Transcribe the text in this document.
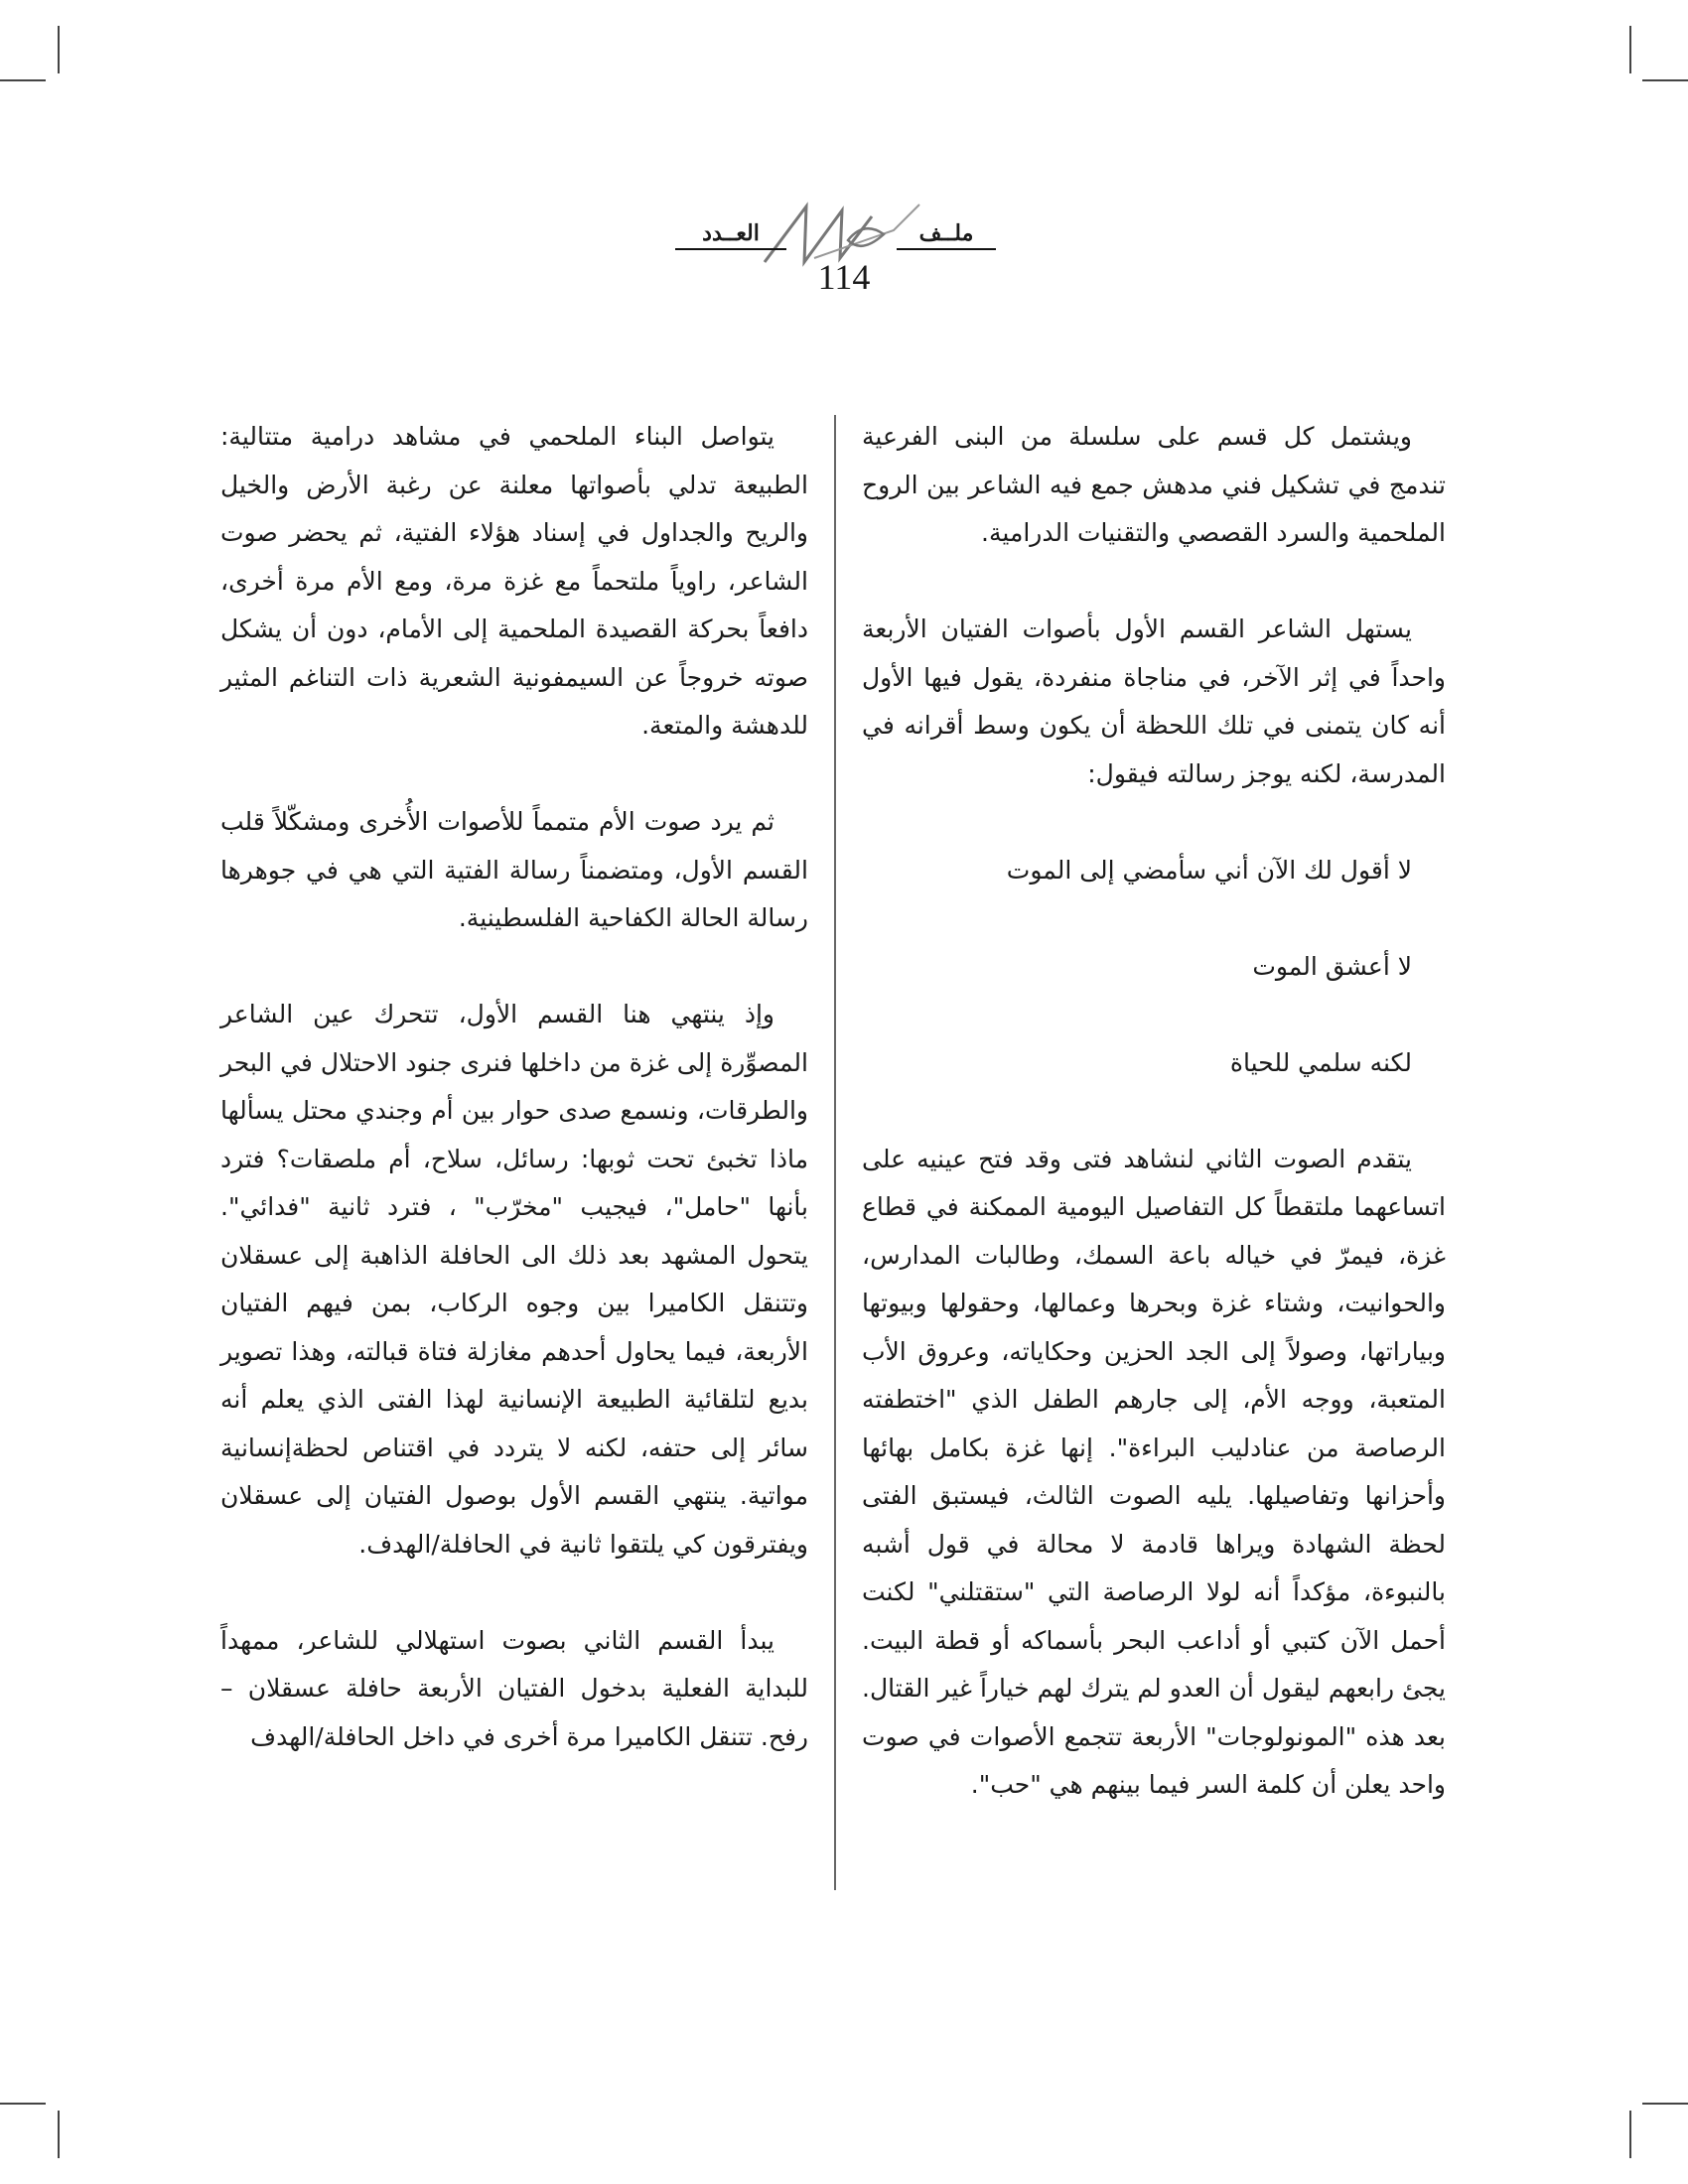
ملــف
العــدد
114

ويشتمل كل قسم على سلسلة من البنى الفرعية تندمج في تشكيل فني مدهش جمع فيه الشاعر بين الروح الملحمية والسرد القصصي والتقنيات الدرامية.

يستهل الشاعر القسم الأول بأصوات الفتيان الأربعة واحداً في إثر الآخر، في مناجاة منفردة، يقول فيها الأول أنه كان يتمنى في تلك اللحظة أن يكون وسط أقرانه في المدرسة، لكنه يوجز رسالته فيقول:

لا أقول لك الآن أني سأمضي إلى الموت
لا أعشق الموت
لكنه سلمي للحياة

يتقدم الصوت الثاني لنشاهد فتى وقد فتح عينيه على اتساعهما ملتقطاً كل التفاصيل اليومية الممكنة في قطاع غزة، فيمرّ في خياله باعة السمك، وطالبات المدارس، والحوانيت، وشتاء غزة وبحرها وعمالها، وحقولها وبيوتها وبياراتها، وصولاً إلى الجد الحزين وحكاياته، وعروق الأب المتعبة، ووجه الأم، إلى جارهم الطفل الذي "اختطفته الرصاصة من عنادليب البراءة". إنها غزة بكامل بهائها وأحزانها وتفاصيلها. يليه الصوت الثالث، فيستبق الفتى لحظة الشهادة ويراها قادمة لا محالة في قول أشبه بالنبوءة، مؤكداً أنه لولا الرصاصة التي "ستقتلني" لكنت أحمل الآن كتبي أو أداعب البحر بأسماكه أو قطة البيت. يجئ رابعهم ليقول أن العدو لم يترك لهم خياراً غير القتال. بعد هذه "المونولوجات" الأربعة تتجمع الأصوات في صوت واحد يعلن أن كلمة السر فيما بينهم هي "حب".

يتواصل البناء الملحمي في مشاهد درامية متتالية: الطبيعة تدلي بأصواتها معلنة عن رغبة الأرض والخيل والريح والجداول في إسناد هؤلاء الفتية، ثم يحضر صوت الشاعر، راوياً ملتحماً مع غزة مرة، ومع الأم مرة أخرى، دافعاً بحركة القصيدة الملحمية إلى الأمام، دون أن يشكل صوته خروجاً عن السيمفونية الشعرية ذات التناغم المثير للدهشة والمتعة.

ثم يرد صوت الأم متمماً للأصوات الأُخرى ومشكّلاً قلب القسم الأول، ومتضمناً رسالة الفتية التي هي في جوهرها رسالة الحالة الكفاحية الفلسطينية.

وإذ ينتهي هنا القسم الأول، تتحرك عين الشاعر المصوِّرة إلى غزة من داخلها فنرى جنود الاحتلال في البحر والطرقات، ونسمع صدى حوار بين أم وجندي محتل يسألها ماذا تخبئ تحت ثوبها: رسائل، سلاح، أم ملصقات؟ فترد بأنها "حامل"، فيجيب "مخرّب" ، فترد ثانية "فدائي". يتحول المشهد بعد ذلك الى الحافلة الذاهبة إلى عسقلان وتتنقل الكاميرا بين وجوه الركاب، بمن فيهم الفتيان الأربعة، فيما يحاول أحدهم مغازلة فتاة قبالته، وهذا تصوير بديع لتلقائية الطبيعة الإنسانية لهذا الفتى الذي يعلم أنه سائر إلى حتفه، لكنه لا يتردد في اقتناص لحظةإنسانية مواتية. ينتهي القسم الأول بوصول الفتيان إلى عسقلان ويفترقون كي يلتقوا ثانية في الحافلة/الهدف.

يبدأ القسم الثاني بصوت استهلالي للشاعر، ممهداً للبداية الفعلية بدخول الفتيان الأربعة حافلة عسقلان – رفح. تتنقل الكاميرا مرة أخرى في داخل الحافلة/الهدف
